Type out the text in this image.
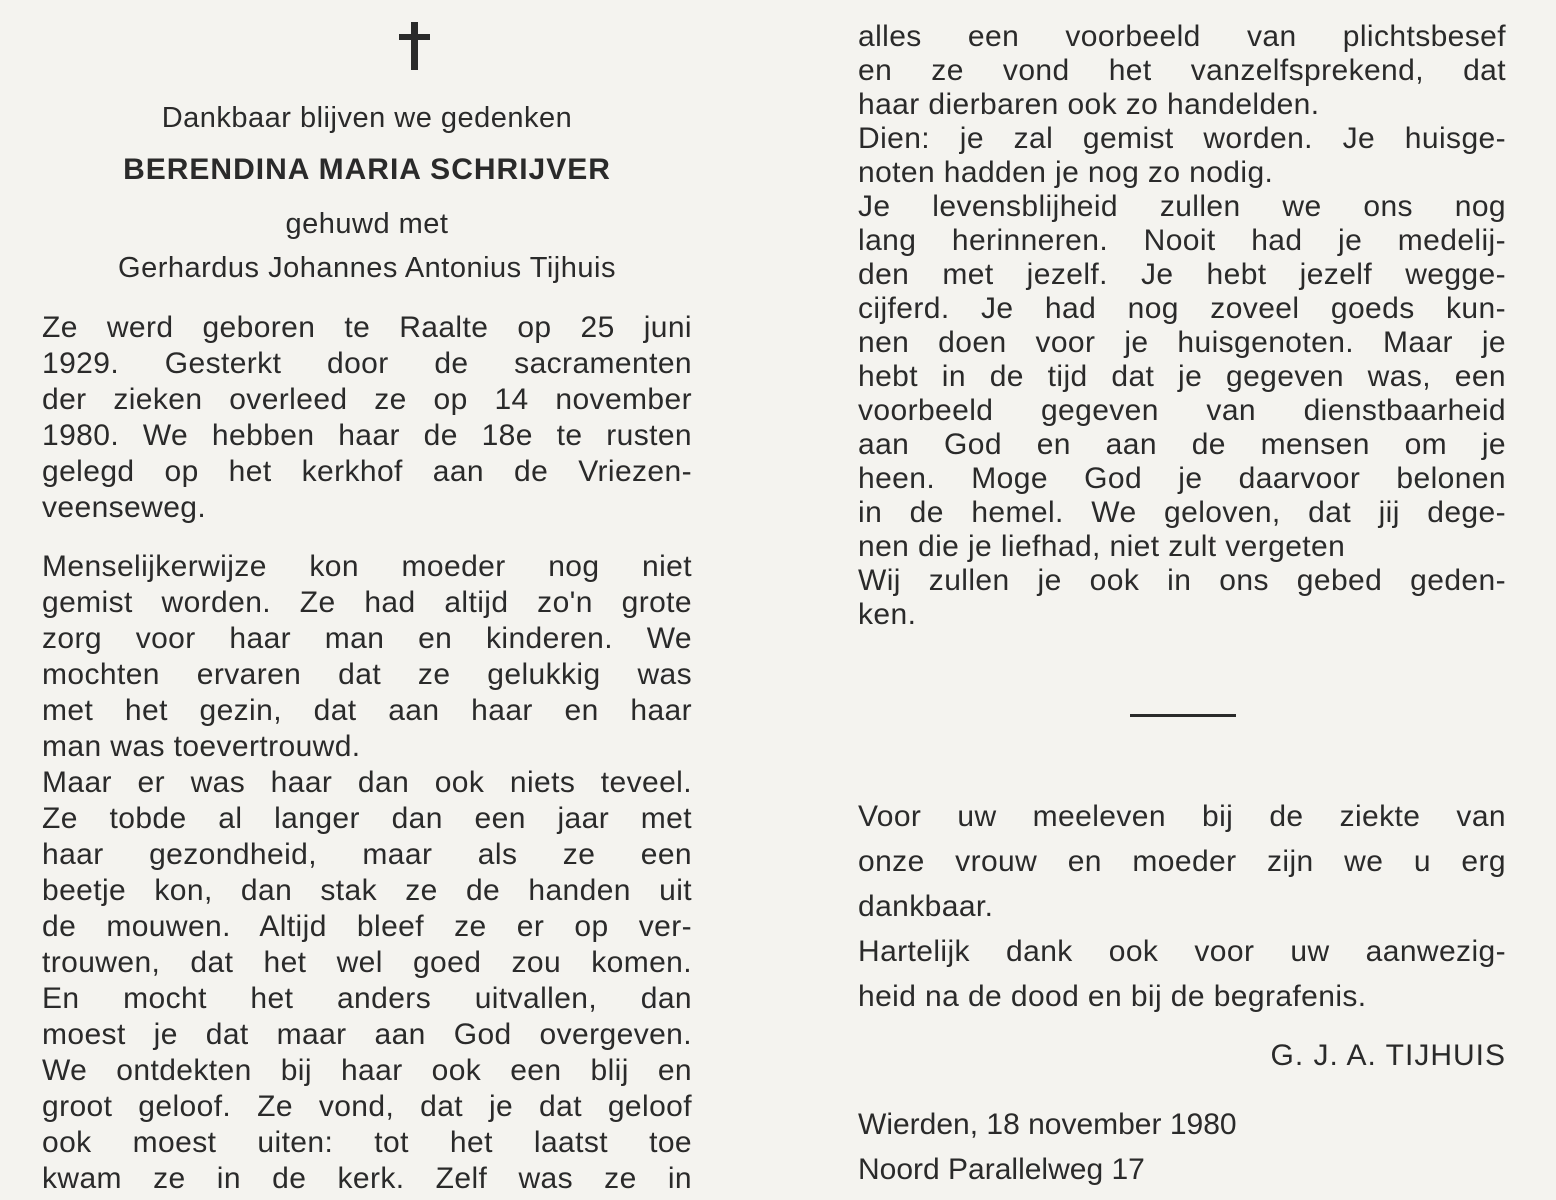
Dankbaar blijven we gedenken
BERENDINA MARIA SCHRIJVER
gehuwd met
Gerhardus Johannes Antonius Tijhuis
Ze werd geboren te Raalte op 25 juni
1929. Gesterkt door de sacramenten
der zieken overleed ze op 14 november
1980. We hebben haar de 18e te rusten
gelegd op het kerkhof aan de Vriezen-
veenseweg.
Menselijkerwijze kon moeder nog niet
gemist worden. Ze had altijd zo'n grote
zorg voor haar man en kinderen. We
mochten ervaren dat ze gelukkig was
met het gezin, dat aan haar en haar
man was toevertrouwd.
Maar er was haar dan ook niets teveel.
Ze tobde al langer dan een jaar met
haar gezondheid, maar als ze een
beetje kon, dan stak ze de handen uit
de mouwen. Altijd bleef ze er op ver-
trouwen, dat het wel goed zou komen.
En mocht het anders uitvallen, dan
moest je dat maar aan God overgeven.
We ontdekten bij haar ook een blij en
groot geloof. Ze vond, dat je dat geloof
ook moest uiten: tot het laatst toe
kwam ze in de kerk. Zelf was ze in
alles een voorbeeld van plichtsbesef
en ze vond het vanzelfsprekend, dat
haar dierbaren ook zo handelden.
Dien: je zal gemist worden. Je huisge-
noten hadden je nog zo nodig.
Je levensblijheid zullen we ons nog
lang herinneren. Nooit had je medelij-
den met jezelf. Je hebt jezelf wegge-
cijferd. Je had nog zoveel goeds kun-
nen doen voor je huisgenoten. Maar je
hebt in de tijd dat je gegeven was, een
voorbeeld gegeven van dienstbaarheid
aan God en aan de mensen om je
heen. Moge God je daarvoor belonen
in de hemel. We geloven, dat jij dege-
nen die je liefhad, niet zult vergeten
Wij zullen je ook in ons gebed geden-
ken.
Voor uw meeleven bij de ziekte van
onze vrouw en moeder zijn we u erg
dankbaar.
Hartelijk dank ook voor uw aanwezig-
heid na de dood en bij de begrafenis.
G. J. A. TIJHUIS
Wierden, 18 november 1980
Noord Parallelweg 17
